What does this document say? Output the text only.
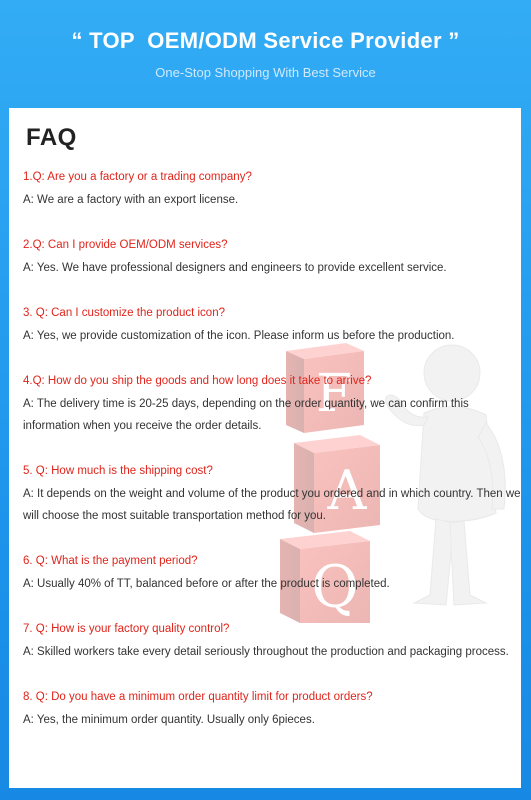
“ TOP  OEM/ODM Service Provider ”
One-Stop Shopping With Best Service
F
A
Q
FAQ
1.Q: Are you a factory or a trading company?
A: We are a factory with an export license.
2.Q: Can I provide OEM/ODM services?
A: Yes. We have professional designers and engineers to provide excellent service.
3. Q: Can I customize the product icon?
A: Yes, we provide customization of the icon. Please inform us before the production.
4.Q: How do you ship the goods and how long does it take to arrive?
A: The delivery time is 20-25 days, depending on the order quantity, we can confirm this information when you receive the order details.
5. Q: How much is the shipping cost?
A: It depends on the weight and volume of the product you ordered and in which country. Then we will choose the most suitable transportation method for you.
6. Q: What is the payment period?
A: Usually 40% of TT, balanced before or after the product is completed.
7. Q: How is your factory quality control?
A: Skilled workers take every detail seriously throughout the production and packaging process.
8. Q: Do you have a minimum order quantity limit for product orders?
A: Yes, the minimum order quantity. Usually only 6pieces.
